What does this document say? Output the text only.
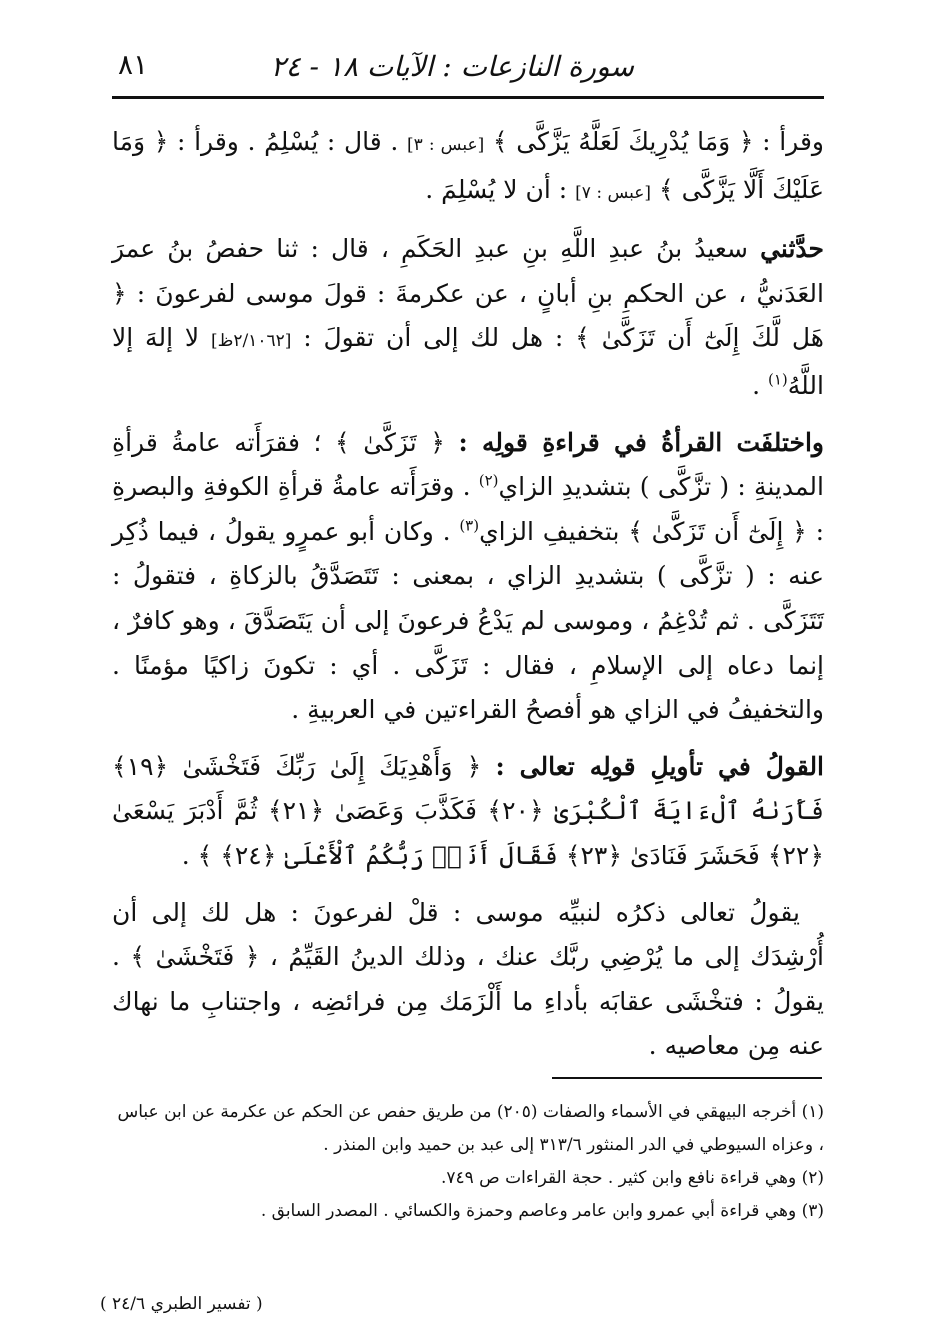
سورة النازعات : الآيات ١٨ - ٢٤
٨١

وقرأ : ﴿ وَمَا يُدْرِيكَ لَعَلَّهُ يَزَّكَّى ﴾ [عبس : ٣] . قال : يُسْلِمُ . وقرأ : ﴿ وَمَا عَلَيْكَ أَلَّا يَزَّكَّى ﴾ [عبس : ٧] : أن لا يُسْلِمَ .

حدَّثني سعيدُ بنُ عبدِ اللَّهِ بنِ عبدِ الحَكَمِ ، قال : ثنا حفصُ بنُ عمرَ العَدَنيُّ ، عن الحكمِ بنِ أبانٍ ، عن عكرمةَ : قولَ موسى لفرعونَ : ﴿ هَل لَّكَ إِلَىٰٓ أَن تَزَكَّىٰ ﴾ : هل لك إلى أن تقولَ : [٢/١٠٦٢ظ] لا إلهَ إلا اللَّهُ$^{(١)}$ .

واختلفَت القرأةُ في قراءةِ قولِه : ﴿ تَزَكَّىٰ ﴾ ؛ فقرَأَته عامةُ قرأةِ المدينةِ : ( تزَّكَّى ) بتشديدِ الزاي$^{(٢)}$ . وقرَأَته عامةُ قرأةِ الكوفةِ والبصرةِ : ﴿ إِلَىٰٓ أَن تَزَكَّىٰ ﴾ بتخفيفِ الزاي$^{(٣)}$ . وكان أبو عمرٍو يقولُ ، فيما ذُكِر عنه : ( تزَّكَّى ) بتشديدِ الزاي ، بمعنى : تَتَصَدَّقُ بالزكاةِ ، فتقولُ : تَتَزَكَّى . ثم تُدْغِمُ ، وموسى لم يَدْعُ فرعونَ إلى أن يَتَصَدَّقَ ، وهو كافرٌ ، إنما دعاه إلى الإسلامِ ، فقال : تَزَكَّى . أي : تكونَ زاكيًا مؤمنًا . والتخفيفُ في الزاي هو أفصحُ القراءتين في العربيةِ .

القولُ في تأويلِ قولِه تعالى : ﴿ وَأَهْدِيَكَ إِلَىٰ رَبِّكَ فَتَخْشَىٰ ﴿١٩﴾ فَأَرَىٰهُ ٱلْءَايَةَ ٱلْكُبْرَىٰ ﴿٢٠﴾ فَكَذَّبَ وَعَصَىٰ ﴿٢١﴾ ثُمَّ أَدْبَرَ يَسْعَىٰ ﴿٢٢﴾ فَحَشَرَ فَنَادَىٰ ﴿٢٣﴾ فَقَالَ أَنَا۠ رَبُّكُمُ ٱلْأَعْلَىٰ ﴿٢٤﴾ ﴾ .

يقولُ تعالى ذكرُه لنبيِّه موسى : قلْ لفرعونَ : هل لك إلى أن أُرْشِدَك إلى ما يُرْضِي ربَّك عنك ، وذلك الدينُ القَيِّمُ ، ﴿ فَتَخْشَىٰ ﴾ . يقولُ : فتخْشَى عقابَه بأداءِ ما أَلْزَمَك مِن فرائضِه ، واجتنابِ ما نهاك عنه مِن معاصيه .

(١) أخرجه البيهقي في الأسماء والصفات (٢٠٥) من طريق حفص عن الحكم عن عكرمة عن ابن عباس ، وعزاه السيوطي في الدر المنثور ٣١٣/٦ إلى عبد بن حميد وابن المنذر .

(٢) وهي قراءة نافع وابن كثير . حجة القراءات ص ٧٤٩.

(٣) وهي قراءة أبي عمرو وابن عامر وعاصم وحمزة والكسائي . المصدر السابق .

( تفسير الطبري ٢٤/٦ )
